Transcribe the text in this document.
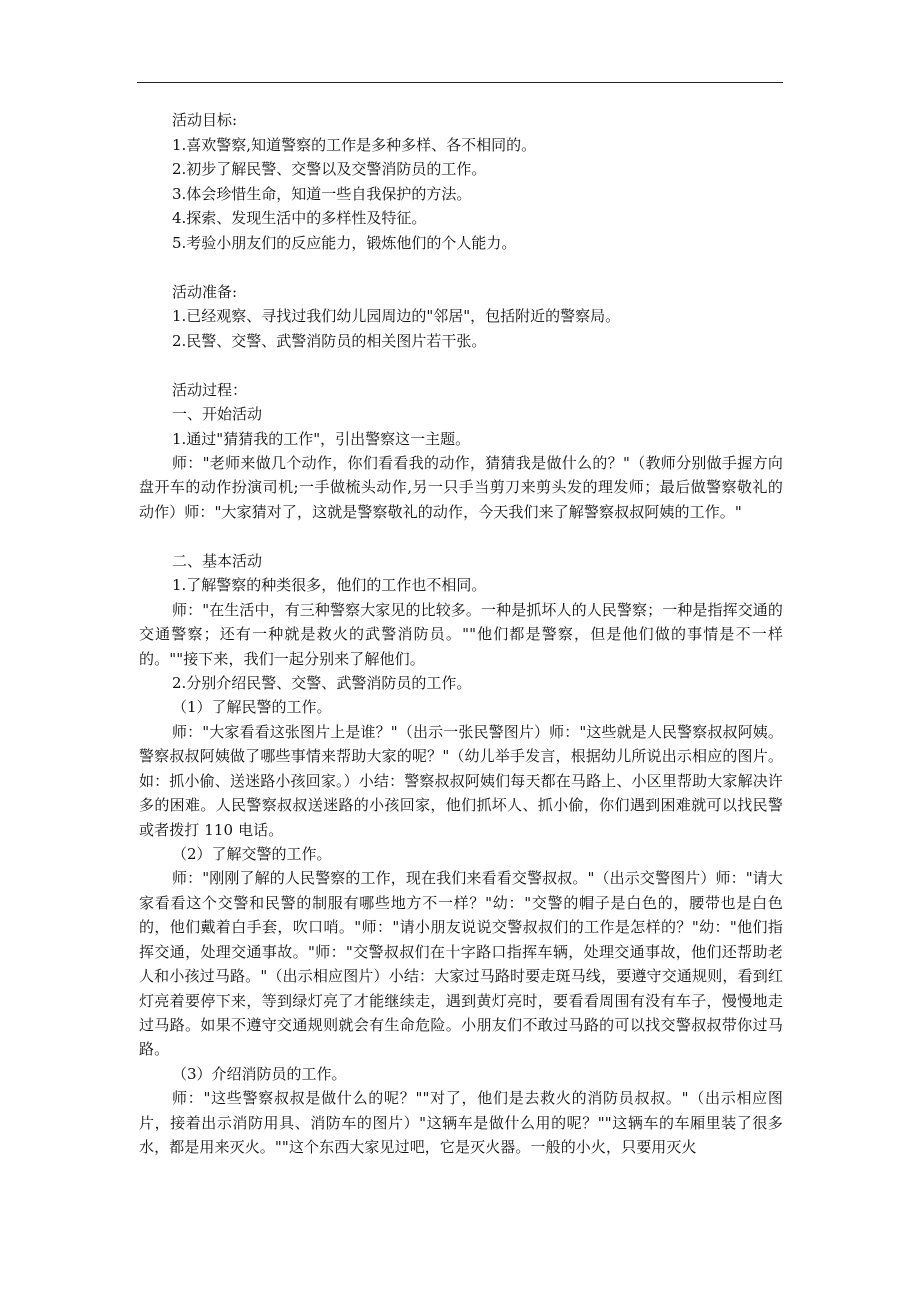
活动目标:
1.喜欢警察,知道警察的工作是多种多样、各不相同的。
2.初步了解民警、交警以及交警消防员的工作。
3.体会珍惜生命，知道一些自我保护的方法。
4.探索、发现生活中的多样性及特征。
5.考验小朋友们的反应能力，锻炼他们的个人能力。
活动准备:
1.已经观察、寻找过我们幼儿园周边的"邻居"，包括附近的警察局。
2.民警、交警、武警消防员的相关图片若干张。
活动过程：
一、开始活动
1.通过"猜猜我的工作"，引出警察这一主题。

师："老师来做几个动作，你们看看我的动作，猜猜我是做什么的？"（教师分别做手握方向盘开车的动作扮演司机;一手做梳头动作,另一只手当剪刀来剪头发的理发师；最后做警察敬礼的动作）师："大家猜对了，这就是警察敬礼的动作，今天我们来了解警察叔叔阿姨的工作。"

二、基本活动
1.了解警察的种类很多，他们的工作也不相同。

师："在生活中，有三种警察大家见的比较多。一种是抓坏人的人民警察；一种是指挥交通的交通警察；还有一种就是救火的武警消防员。""他们都是警察，但是他们做的事情是不一样的。""接下来，我们一起分别来了解他们。

2.分别介绍民警、交警、武警消防员的工作。
（1）了解民警的工作。

师："大家看看这张图片上是谁？"（出示一张民警图片）师："这些就是人民警察叔叔阿姨。警察叔叔阿姨做了哪些事情来帮助大家的呢？"（幼儿举手发言，根据幼儿所说出示相应的图片。如：抓小偷、送迷路小孩回家。）小结：警察叔叔阿姨们每天都在马路上、小区里帮助大家解决许多的困难。人民警察叔叔送迷路的小孩回家，他们抓坏人、抓小偷，你们遇到困难就可以找民警或者拨打 110 电话。

（2）了解交警的工作。

师："刚刚了解的人民警察的工作，现在我们来看看交警叔叔。"（出示交警图片）师："请大家看看这个交警和民警的制服有哪些地方不一样？"幼："交警的帽子是白色的，腰带也是白色的，他们戴着白手套，吹口哨。"师："请小朋友说说交警叔叔们的工作是怎样的？"幼："他们指挥交通，处理交通事故。"师："交警叔叔们在十字路口指挥车辆，处理交通事故，他们还帮助老人和小孩过马路。"（出示相应图片）小结：大家过马路时要走斑马线，要遵守交通规则，看到红灯亮着要停下来，等到绿灯亮了才能继续走，遇到黄灯亮时，要看看周围有没有车子，慢慢地走过马路。如果不遵守交通规则就会有生命危险。小朋友们不敢过马路的可以找交警叔叔带你过马路。

（3）介绍消防员的工作。

师："这些警察叔叔是做什么的呢？""对了，他们是去救火的消防员叔叔。"（出示相应图片，接着出示消防用具、消防车的图片）"这辆车是做什么用的呢？""这辆车的车厢里装了很多水，都是用来灭火。""这个东西大家见过吧，它是灭火器。一般的小火，只要用灭火
